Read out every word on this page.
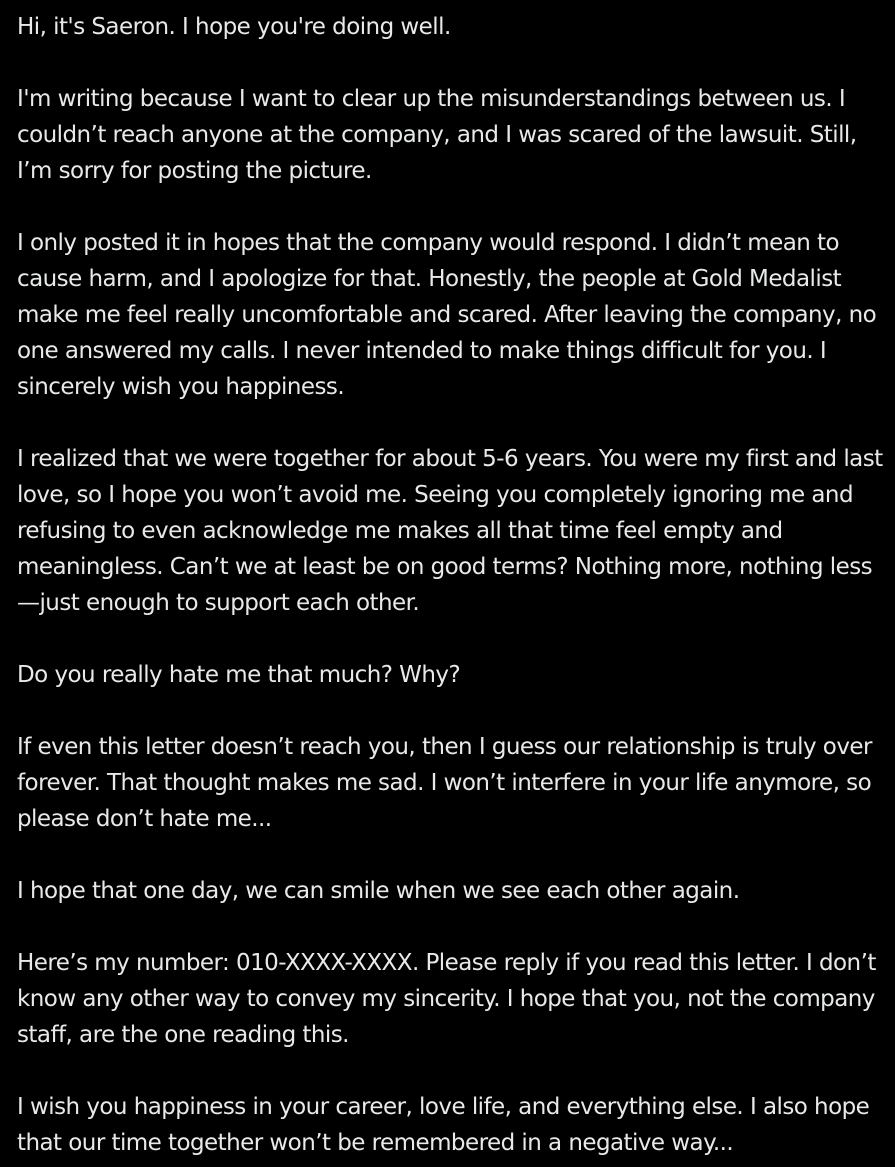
Hi, it's Saeron. I hope you're doing well.

I'm writing because I want to clear up the misunderstandings between us. I couldn’t reach anyone at the company, and I was scared of the lawsuit. Still, I’m sorry for posting the picture.

I only posted it in hopes that the company would respond. I didn’t mean to cause harm, and I apologize for that. Honestly, the people at Gold Medalist make me feel really uncomfortable and scared. After leaving the company, no one answered my calls. I never intended to make things difficult for you. I sincerely wish you happiness.

I realized that we were together for about 5-6 years. You were my first and last love, so I hope you won’t avoid me. Seeing you completely ignoring me and refusing to even acknowledge me makes all that time feel empty and meaningless. Can’t we at least be on good terms? Nothing more, nothing less—just enough to support each other.

Do you really hate me that much? Why?

If even this letter doesn’t reach you, then I guess our relationship is truly over forever. That thought makes me sad. I won’t interfere in your life anymore, so please don’t hate me...

I hope that one day, we can smile when we see each other again.

Here’s my number: 010-XXXX-XXXX. Please reply if you read this letter. I don’t know any other way to convey my sincerity. I hope that you, not the company staff, are the one reading this.

I wish you happiness in your career, love life, and everything else. I also hope that our time together won’t be remembered in a negative way...
